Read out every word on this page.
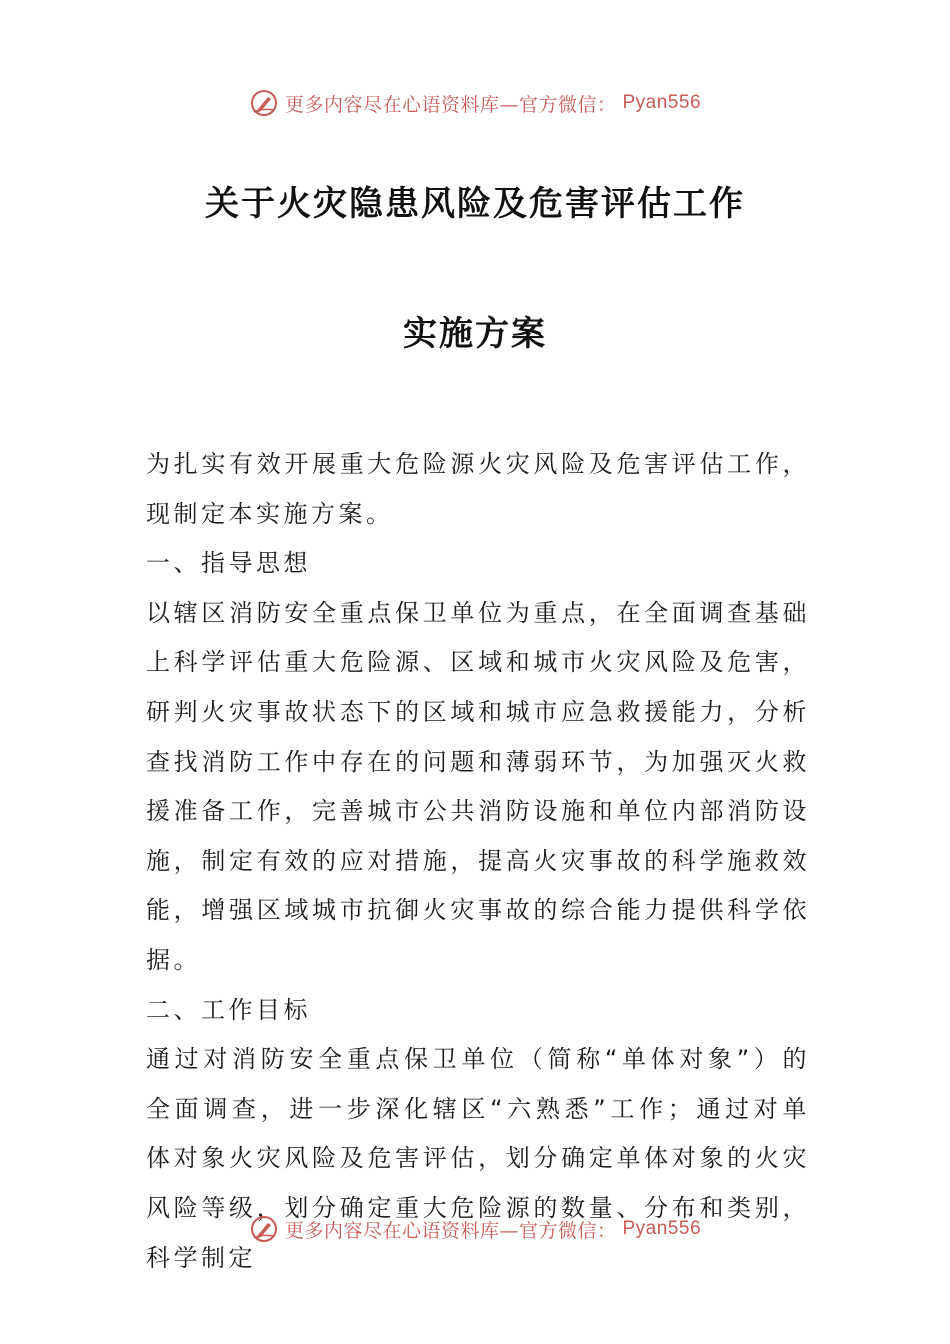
更多内容尽在心语资料库—官方微信： Pyan556
关于火灾隐患风险及危害评估工作
实施方案

为扎实有效开展重大危险源火灾风险及危害评估工作，现制定本实施方案。

一、指导思想

以辖区消防安全重点保卫单位为重点，在全面调查基础上科学评估重大危险源、区域和城市火灾风险及危害，研判火灾事故状态下的区域和城市应急救援能力，分析查找消防工作中存在的问题和薄弱环节，为加强灭火救援准备工作，完善城市公共消防设施和单位内部消防设施，制定有效的应对措施，提高火灾事故的科学施救效能，增强区域城市抗御火灾事故的综合能力提供科学依据。

二、工作目标

通过对消防安全重点保卫单位（简称“单体对象”）的全面调查，进一步深化辖区“六熟悉”工作；通过对单体对象火灾风险及危害评估，划分确定单体对象的火灾风险等级，划分确定重大危险源的数量、分布和类别，科学制定

更多内容尽在心语资料库—官方微信： Pyan556
